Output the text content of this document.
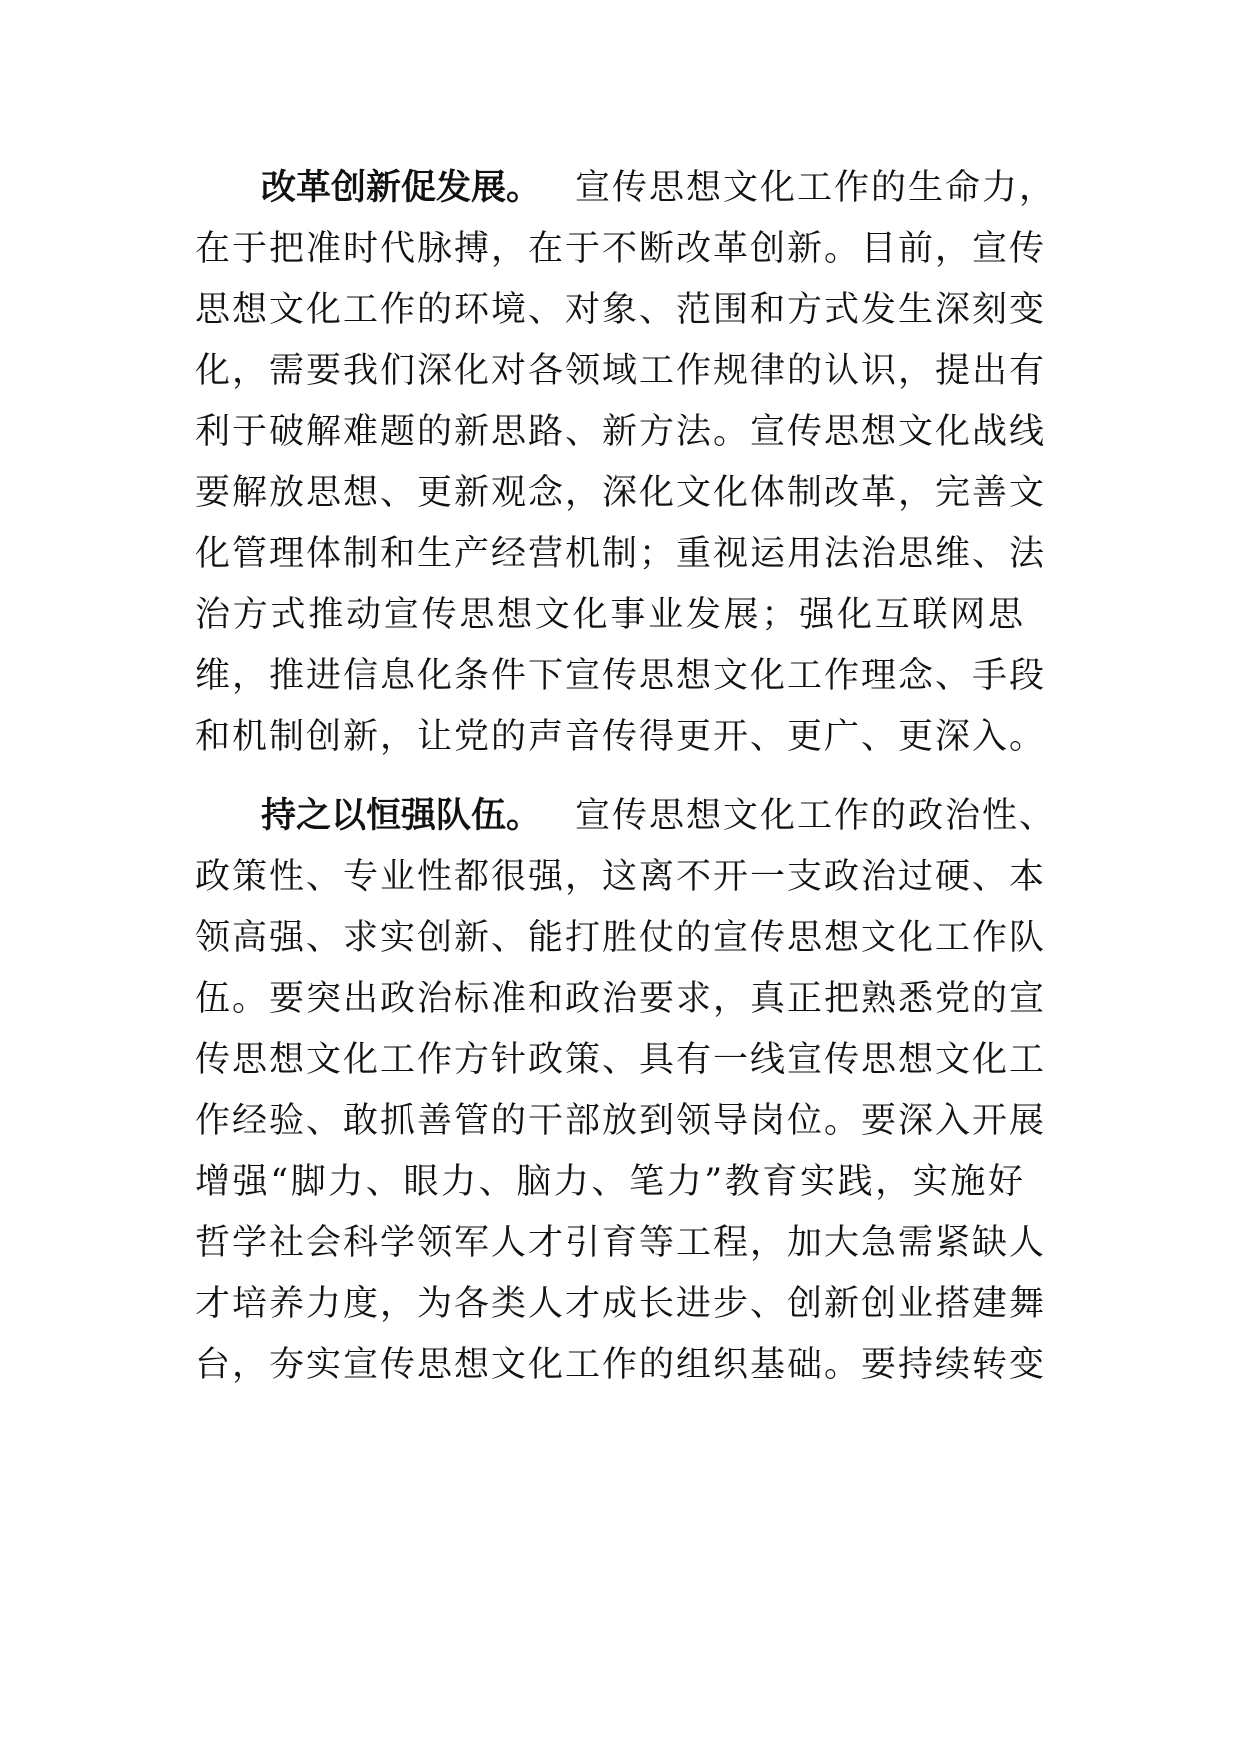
改革创新促发展。 宣传思想文化工作的生命力，
在于把准时代脉搏，在于不断改革创新。目前，宣传
思想文化工作的环境、对象、范围和方式发生深刻变
化，需要我们深化对各领域工作规律的认识，提出有
利于破解难题的新思路、新方法。宣传思想文化战线
要解放思想、更新观念，深化文化体制改革，完善文
化管理体制和生产经营机制；重视运用法治思维、法
治方式推动宣传思想文化事业发展；强化互联网思
维，推进信息化条件下宣传思想文化工作理念、手段
和机制创新，让党的声音传得更开、更广、更深入。
持之以恒强队伍。 宣传思想文化工作的政治性、
政策性、专业性都很强，这离不开一支政治过硬、本
领高强、求实创新、能打胜仗的宣传思想文化工作队
伍。要突出政治标准和政治要求，真正把熟悉党的宣
传思想文化工作方针政策、具有一线宣传思想文化工
作经验、敢抓善管的干部放到领导岗位。要深入开展
增强“脚力、眼力、脑力、笔力”教育实践，实施好
哲学社会科学领军人才引育等工程，加大急需紧缺人
才培养力度，为各类人才成长进步、创新创业搭建舞
台，夯实宣传思想文化工作的组织基础。要持续转变
